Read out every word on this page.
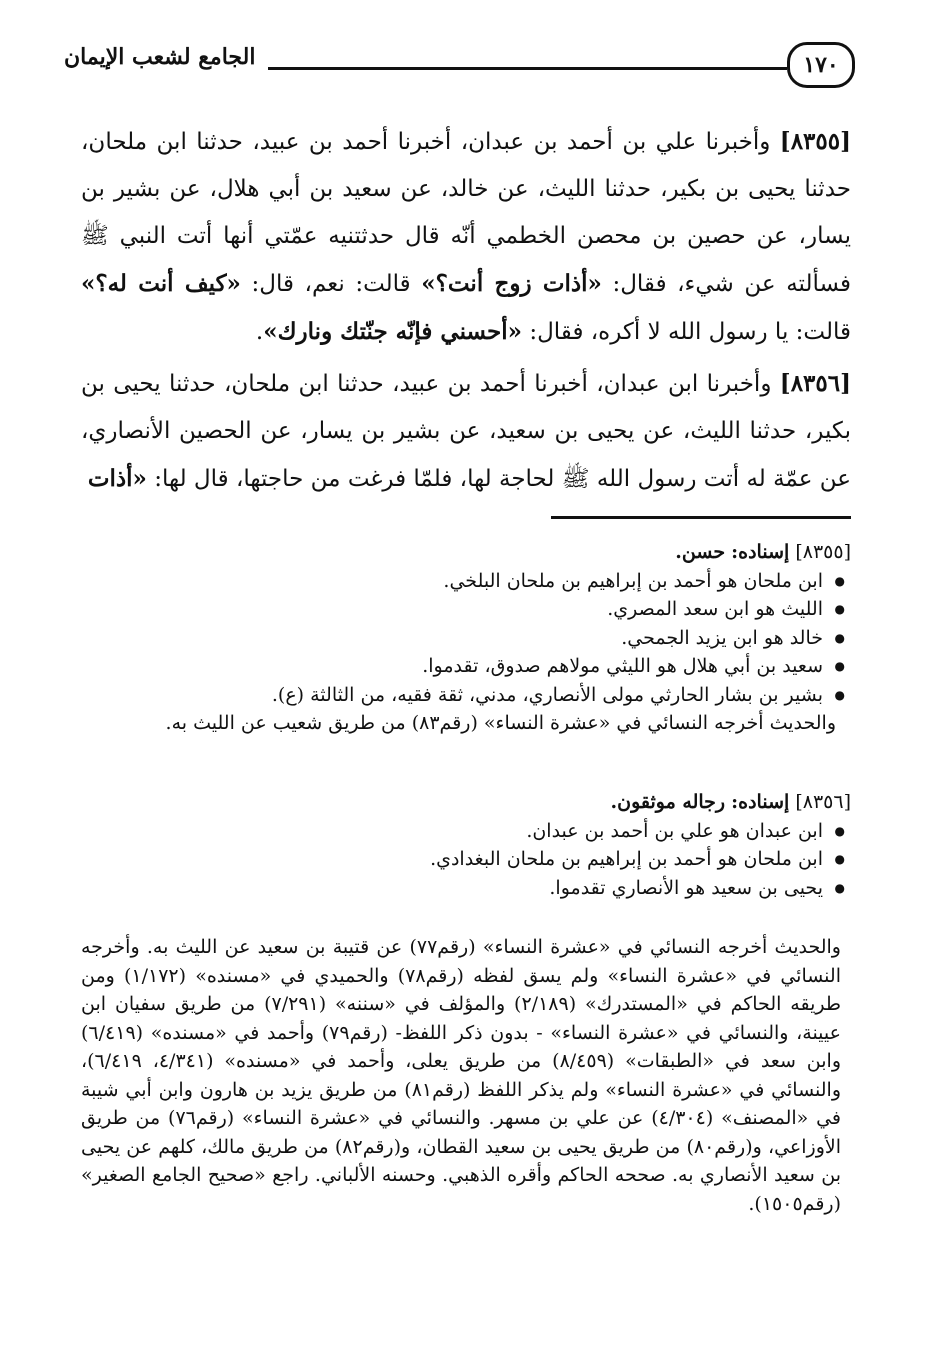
١٧٠
الجامع لشعب الإيمان

[٨٣٥٥] وأخبرنا علي بن أحمد بن عبدان، أخبرنا أحمد بن عبيد، حدثنا ابن ملحان، حدثنا يحيى بن بكير، حدثنا الليث، عن خالد، عن سعيد بن أبي هلال، عن بشير بن يسار، عن حصين بن محصن الخطمي أنّه قال حدثتنيه عمّتي أنها أتت النبي ﷺ فسألته عن شيء، فقال: «أذات زوج أنت؟» قالت: نعم، قال: «كيف أنت له؟» قالت: يا رسول الله لا أكره، فقال: «أحسني فإنّه جنّتك ونارك».

[٨٣٥٦] وأخبرنا ابن عبدان، أخبرنا أحمد بن عبيد، حدثنا ابن ملحان، حدثنا يحيى بن بكير، حدثنا الليث، عن يحيى بن سعيد، عن بشير بن يسار، عن الحصين الأنصاري، عن عمّة له أتت رسول الله ﷺ لحاجة لها، فلمّا فرغت من حاجتها، قال لها: «أذات

[٨٣٥٥] إسناده: حسن.

● ابن ملحان هو أحمد بن إبراهيم بن ملحان البلخي.
● الليث هو ابن سعد المصري.
● خالد هو ابن يزيد الجمحي.
● سعيد بن أبي هلال هو الليثي مولاهم صدوق، تقدموا.
● بشير بن بشار الحارثي مولى الأنصاري، مدني، ثقة فقيه، من الثالثة (ع).

والحديث أخرجه النسائي في «عشرة النساء» (رقم٨٣) من طريق شعيب عن الليث به.

[٨٣٥٦] إسناده: رجاله موثقون.

● ابن عبدان هو علي بن أحمد بن عبدان.
● ابن ملحان هو أحمد بن إبراهيم بن ملحان البغدادي.
● يحيى بن سعيد هو الأنصاري تقدموا.

والحديث أخرجه النسائي في «عشرة النساء» (رقم٧٧) عن قتيبة بن سعيد عن الليث به. وأخرجه النسائي في «عشرة النساء» ولم يسق لفظه (رقم٧٨) والحميدي في «مسنده» (١/١٧٢) ومن طريقه الحاكم في «المستدرك» (٢/١٨٩) والمؤلف في «سننه» (٧/٢٩١) من طريق سفيان ابن عيينة، والنسائي في «عشرة النساء» - بدون ذكر اللفظ- (رقم٧٩) وأحمد في «مسنده» (٦/٤١٩) وابن سعد في «الطبقات» (٨/٤٥٩) من طريق يعلى، وأحمد في «مسنده» (٤/٣٤١، ٦/٤١٩)، والنسائي في «عشرة النساء» ولم يذكر اللفظ (رقم٨١) من طريق يزيد بن هارون وابن أبي شيبة في «المصنف» (٤/٣٠٤) عن علي بن مسهر. والنسائي في «عشرة النساء» (رقم٧٦) من طريق الأوزاعي، و(رقم٨٠) من طريق يحيى بن سعيد القطان، و(رقم٨٢) من طريق مالك، كلهم عن يحيى بن سعيد الأنصاري به. صححه الحاكم وأقره الذهبي. وحسنه الألباني. راجع «صحيح الجامع الصغير» (رقم١٥٠٥).
